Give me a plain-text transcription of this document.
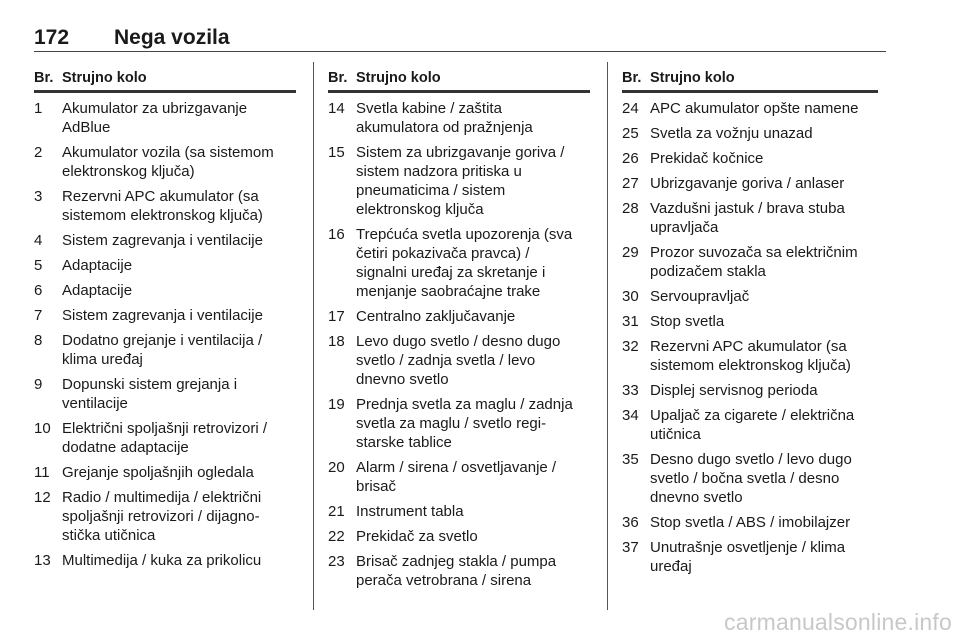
172 Nega vozila
Br. Strujno kolo
1	Akumulator za ubrizgavanje
AdBlue
2	Akumulator vozila (sa sistemom
elektronskog ključa)
3	Rezervni APC akumulator (sa
sistemom elektronskog ključa)
4	Sistem zagrevanja i ventilacije
5	Adaptacije
6	Adaptacije
7	Sistem zagrevanja i ventilacije
8	Dodatno grejanje i ventilacija /
klima uređaj
9	Dopunski sistem grejanja i
ventilacije
10 Električni spoljašnji retrovizori /
dodatne adaptacije
11 Grejanje spoljašnjih ogledala
12 Radio / multimedija / električni
spoljašnji retrovizori / dijagno-
stička utičnica
13 Multimedija / kuka za prikolicu
Br. Strujno kolo
14 Svetla kabine / zaštita
akumulatora od pražnjenja
15 Sistem za ubrizgavanje goriva /
sistem nadzora pritiska u
pneumaticima / sistem
elektronskog ključa
16 Trepćuća svetla upozorenja (sva
četiri pokazivača pravca) /
signalni uređaj za skretanje i
menjanje saobraćajne trake
17 Centralno zaključavanje
18 Levo dugo svetlo / desno dugo
svetlo / zadnja svetla / levo
dnevno svetlo
19 Prednja svetla za maglu / zadnja
svetla za maglu / svetlo regi-
starske tablice
20 Alarm / sirena / osvetljavanje /
brisač
21 Instrument tabla
22 Prekidač za svetlo
23 Brisač zadnjeg stakla / pumpa
perača vetrobrana / sirena
Br. Strujno kolo
24 APC akumulator opšte namene
25 Svetla za vožnju unazad
26 Prekidač kočnice
27 Ubrizgavanje goriva / anlaser
28 Vazdušni jastuk / brava stuba
upravljača
29 Prozor suvozača sa električnim
podizačem stakla
30 Servoupravljač
31 Stop svetla
32 Rezervni APC akumulator (sa
sistemom elektronskog ključa)
33 Displej servisnog perioda
34 Upaljač za cigarete / električna
utičnica
35 Desno dugo svetlo / levo dugo
svetlo / bočna svetla / desno
dnevno svetlo
36 Stop svetla / ABS / imobilajzer
37 Unutrašnje osvetljenje / klima
uređaj
carmanualsonline.info
